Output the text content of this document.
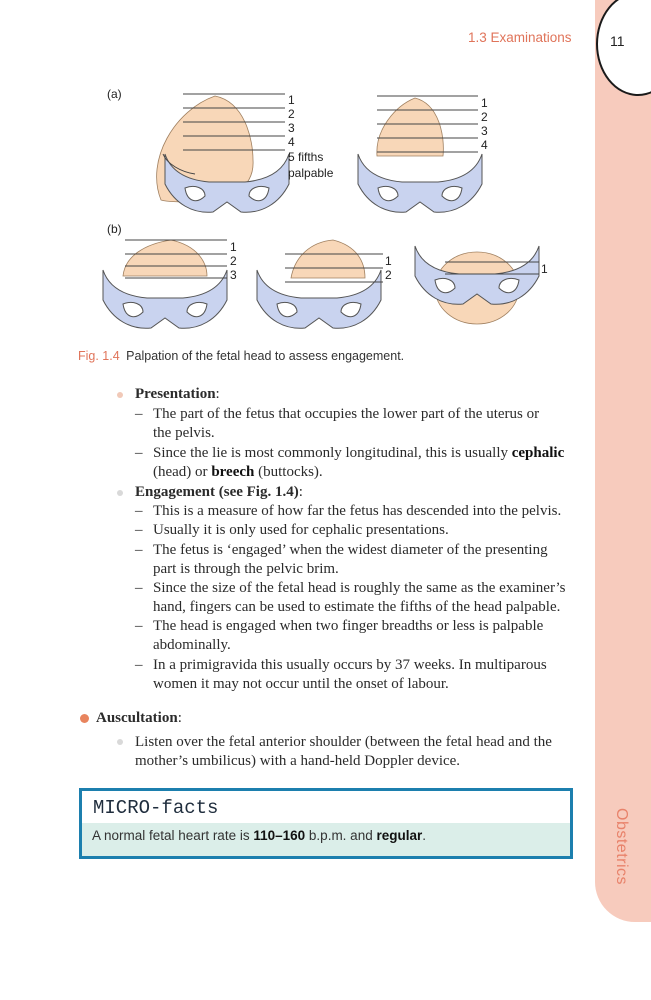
11
1.3 Examinations
Obstetrics
(a)
(b)
1
2
3
4
5 fifths
palpable
1
2
3
4
1
2
3
1
2	1
Fig. 1.4 Palpation of the fetal head to assess engagement.
Presentation:
– The part of the fetus that occupies the lower part of the uterus or
the pelvis.
– Since the lie is most commonly longitudinal, this is usually cephalic
(head) or breech (buttocks).
Engagement (see Fig. 1.4):
– This is a measure of how far the fetus has descended into the pelvis.
– Usually it is only used for cephalic presentations.
– The fetus is ‘engaged’ when the widest diameter of the presenting
part is through the pelvic brim.
– Since the size of the fetal head is roughly the same as the examiner’s
hand, fingers can be used to estimate the fifths of the head palpable.
– The head is engaged when two finger breadths or less is palpable
abdominally.
– In a primigravida this usually occurs by 37 weeks. In multiparous
women it may not occur until the onset of labour.
Auscultation:
Listen over the fetal anterior shoulder (between the fetal head and the
mother’s umbilicus) with a hand-held Doppler device.
MICRO-facts
A normal fetal heart rate is 110–160 b.p.m. and regular.
